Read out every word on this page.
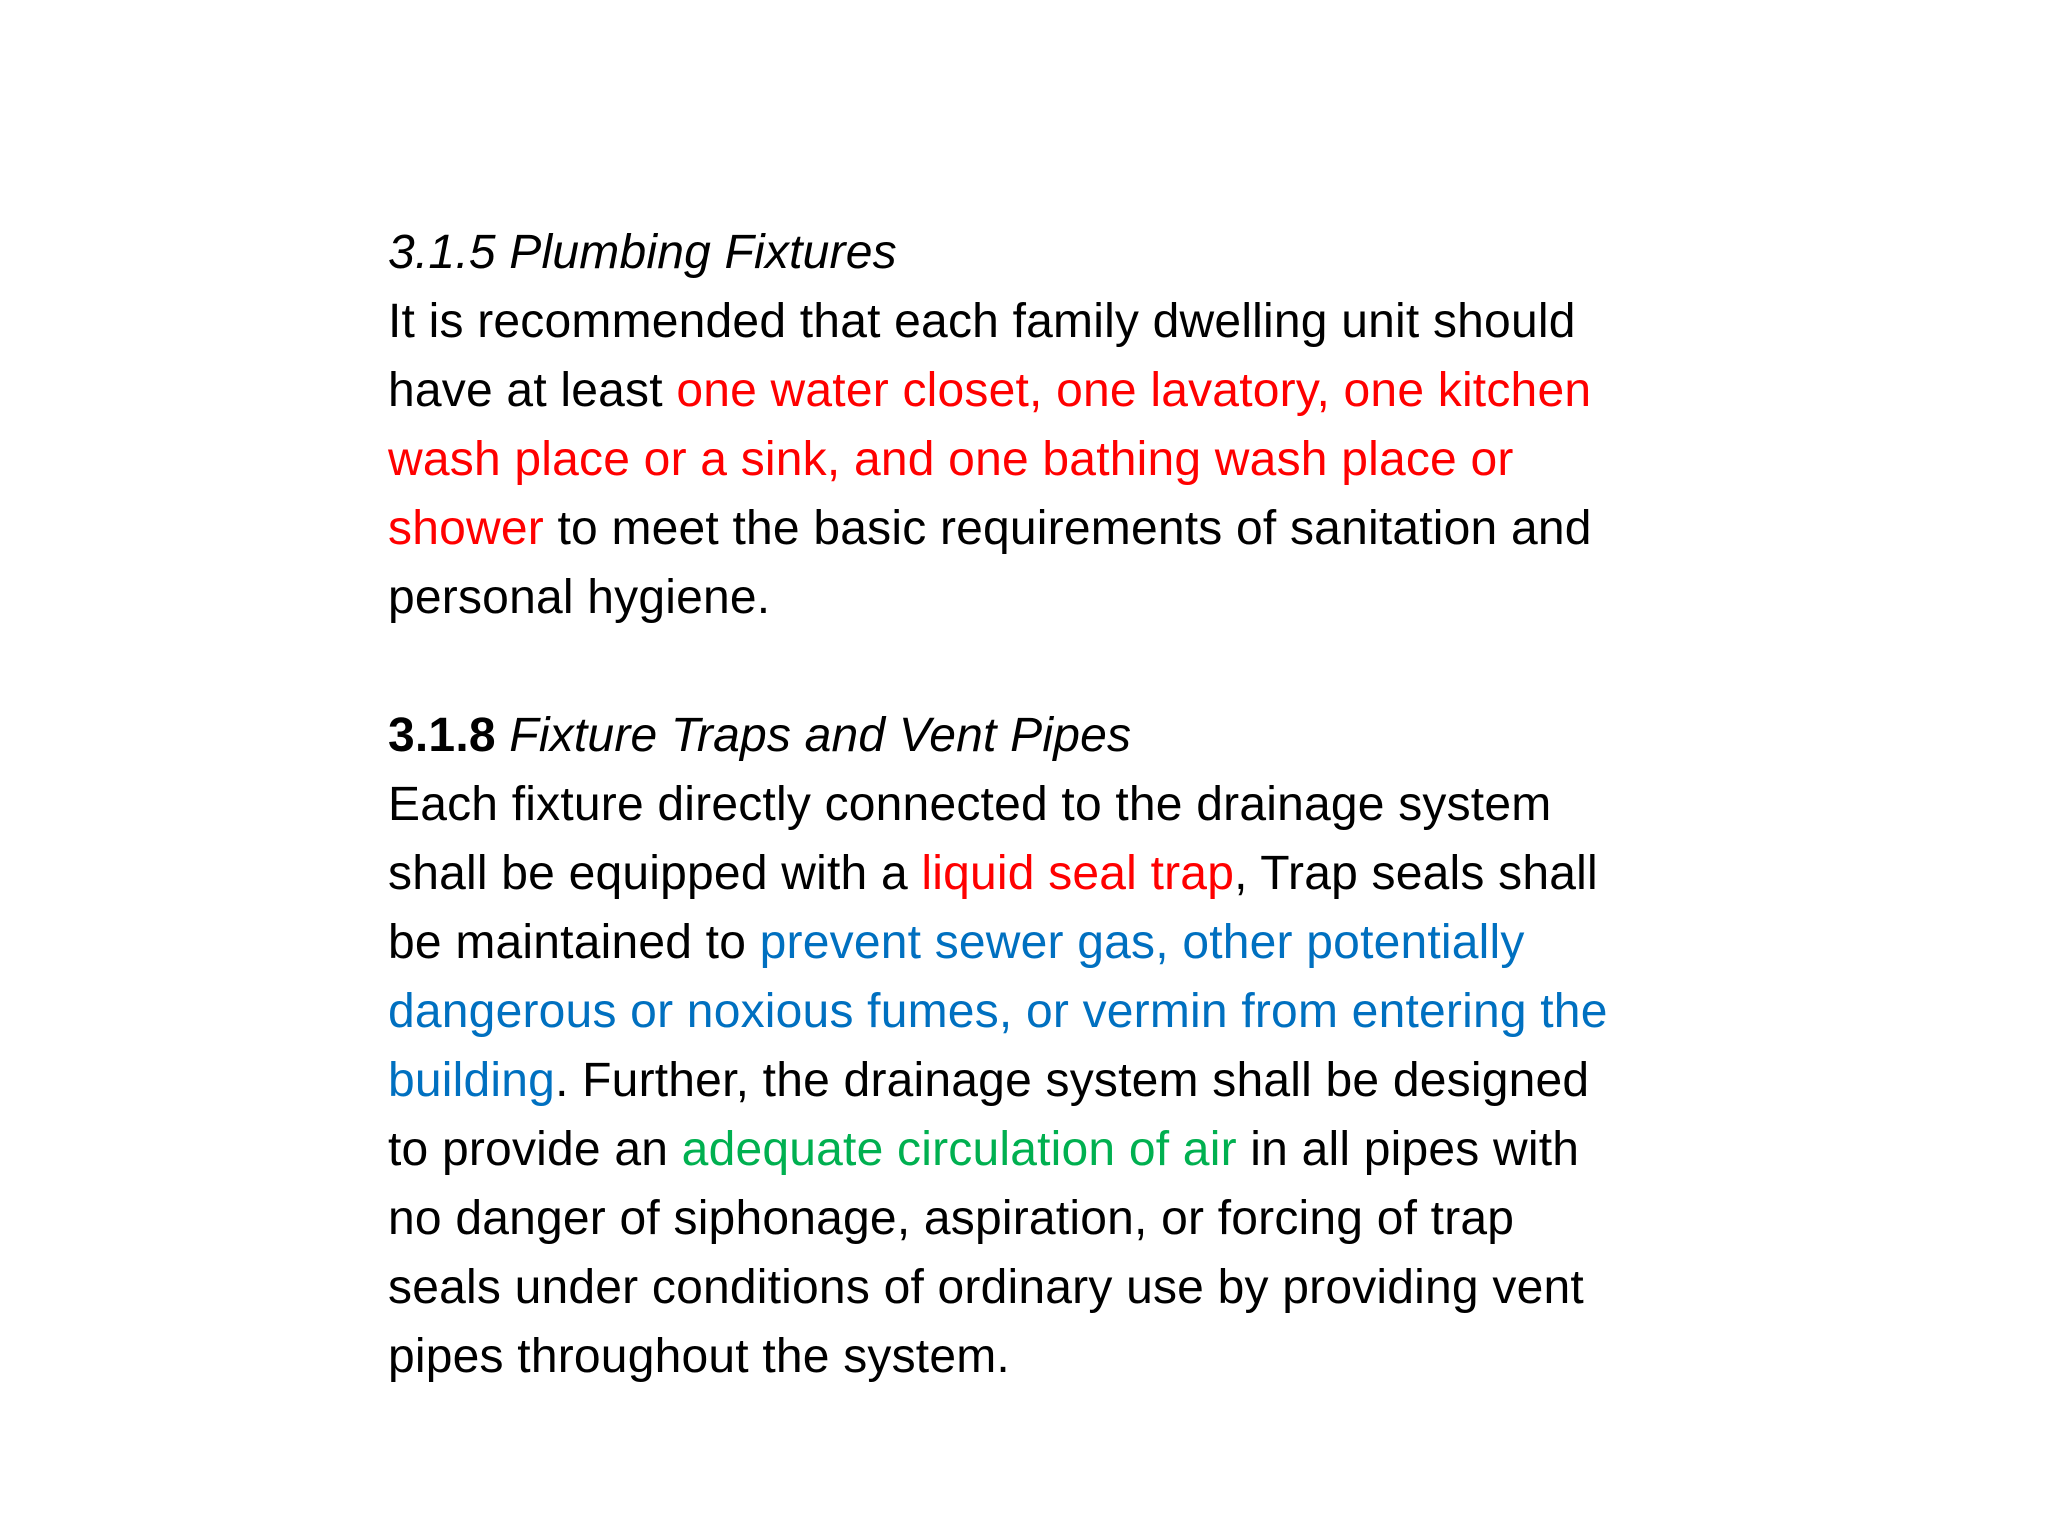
3.1.5 Plumbing Fixtures
It is recommended that each family dwelling unit should
have at least one water closet, one lavatory, one kitchen
wash place or a sink, and one bathing wash place or
shower to meet the basic requirements of sanitation and
personal hygiene.
3.1.8 Fixture Traps and Vent Pipes
Each fixture directly connected to the drainage system
shall be equipped with a liquid seal trap, Trap seals shall
be maintained to prevent sewer gas, other potentially
dangerous or noxious fumes, or vermin from entering the
building. Further, the drainage system shall be designed
to provide an adequate circulation of air in all pipes with
no danger of siphonage, aspiration, or forcing of trap
seals under conditions of ordinary use by providing vent
pipes throughout the system.
